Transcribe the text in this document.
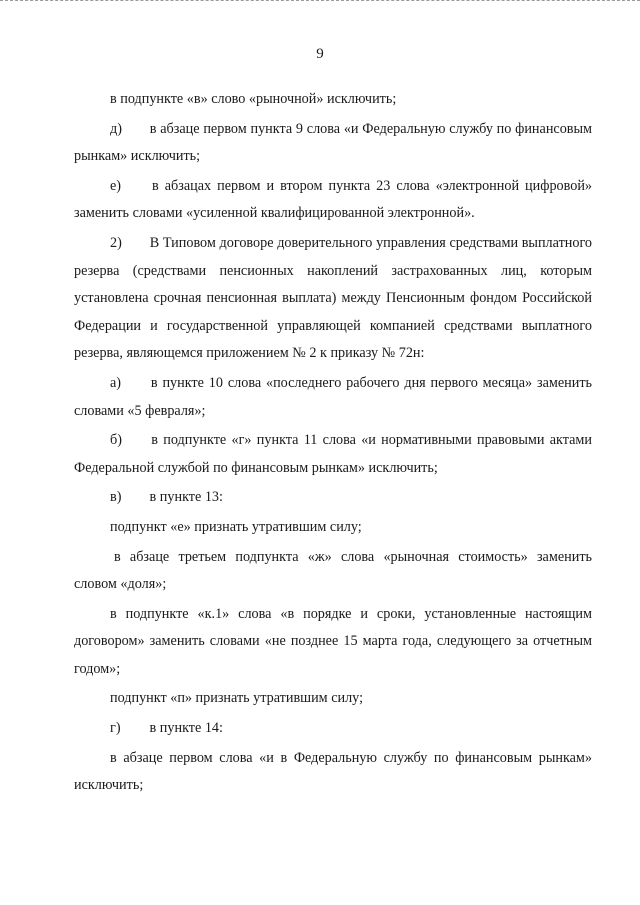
9

в подпункте «в» слово «рыночной» исключить;

д) в абзаце первом пункта 9 слова «и Федеральную службу по финансовым рынкам» исключить;

е) в абзацах первом и втором пункта 23 слова «электронной цифровой» заменить словами «усиленной квалифицированной электронной».

2) В Типовом договоре доверительного управления средствами выплатного резерва (средствами пенсионных накоплений застрахованных лиц, которым установлена срочная пенсионная выплата) между Пенсионным фондом Российской Федерации и государственной управляющей компанией средствами выплатного резерва, являющемся приложением № 2 к приказу № 72н:

а) в пункте 10 слова «последнего рабочего дня первого месяца» заменить словами «5 февраля»;

б) в подпункте «г» пункта 11 слова «и нормативными правовыми актами Федеральной службой по финансовым рынкам» исключить;

в) в пункте 13:

подпункт «е» признать утратившим силу;

в абзаце третьем подпункта «ж» слова «рыночная стоимость» заменить словом «доля»;

в подпункте «к.1» слова «в порядке и сроки, установленные настоящим договором» заменить словами «не позднее 15 марта года, следующего за отчетным годом»;

подпункт «п» признать утратившим силу;

г) в пункте 14:

в абзаце первом слова «и в Федеральную службу по финансовым рынкам» исключить;
